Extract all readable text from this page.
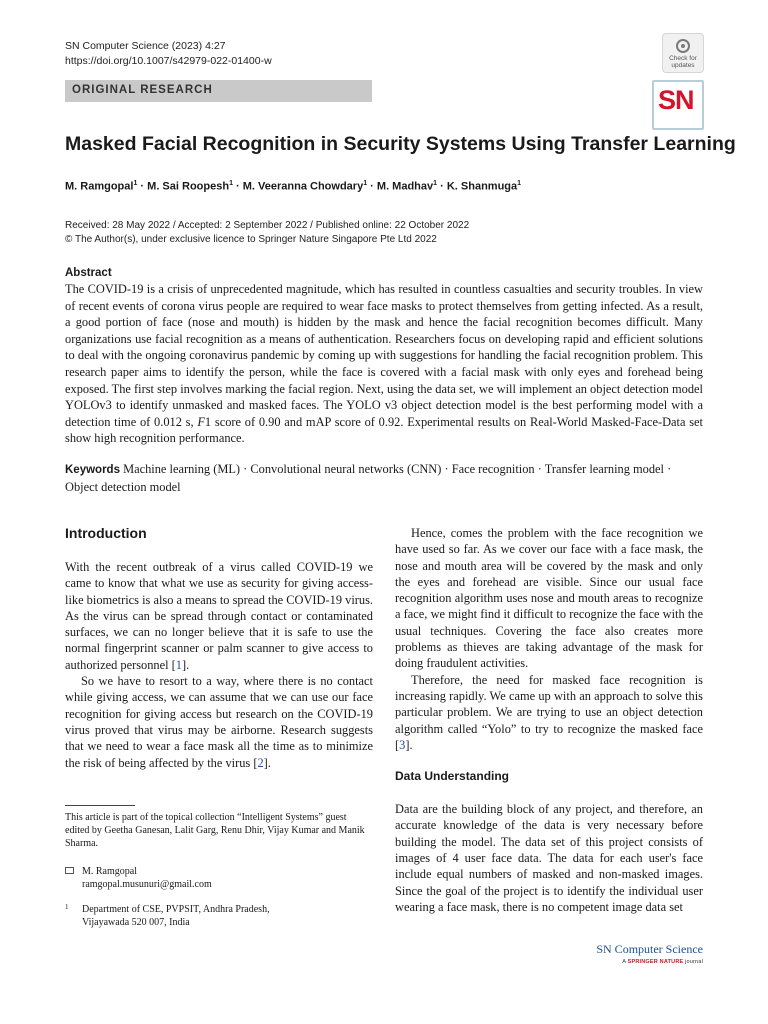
SN Computer Science (2023) 4:27
https://doi.org/10.1007/s42979-022-01400-w	Check for
updates
ORIGINAL RESEARCH	SN
Masked Facial Recognition in Security Systems Using Transfer Learning
M. Ramgopal$^1$ · M. Sai Roopesh$^1$ · M. Veeranna Chowdary$^1$ · M. Madhav$^1$ · K. Shanmuga$^1$
Received: 28 May 2022 / Accepted: 2 September 2022 / Published online: 22 October 2022
© The Author(s), under exclusive licence to Springer Nature Singapore Pte Ltd 2022
Abstract
The COVID-19 is a crisis of unprecedented magnitude, which has resulted in countless casualties and security troubles. In view of recent events of corona virus people are required to wear face masks to protect themselves from getting infected. As a result, a good portion of face (nose and mouth) is hidden by the mask and hence the facial recognition becomes difficult. Many organizations use facial recognition as a means of authentication. Researchers focus on developing rapid and efficient solutions to deal with the ongoing coronavirus pandemic by coming up with suggestions for handling the facial recognition problem. This research paper aims to identify the person, while the face is covered with a facial mask with only eyes and forehead being exposed. The first step involves marking the facial region. Next, using the data set, we will implement an object detection model YOLOv3 to identify unmasked and masked faces. The YOLO v3 object detection model is the best performing model with a detection time of 0.012 s, F1 score of 0.90 and mAP score of 0.92. Experimental results on Real-World Masked-Face-Data set show high recognition performance.
Keywords Machine learning (ML) · Convolutional neural networks (CNN) · Face recognition · Transfer learning model · Object detection model
Introduction

With the recent outbreak of a virus called COVID-19 we came to know that what we use as security for giving access-like biometrics is also a means to spread the COVID-19 virus. As the virus can be spread through contact or contaminated surfaces, we can no longer believe that it is safe to use the normal fingerprint scanner or palm scanner to give access to authorized personnel [1].

So we have to resort to a way, where there is no contact while giving access, we can assume that we can use our face recognition for giving access but research on the COVID-19 virus proved that virus may be airborne. Research suggests that we need to wear a face mask all the time as to minimize the risk of being affected by the virus [2].

Hence, comes the problem with the face recognition we have used so far. As we cover our face with a face mask, the nose and mouth area will be covered by the mask and only the eyes and forehead are visible. Since our usual face recognition algorithm uses nose and mouth areas to recognize a face, we might find it difficult to recognize the face with the usual techniques. Covering the face also creates more problems as thieves are taking advantage of the mask for doing fraudulent activities.

Therefore, the need for masked face recognition is increasing rapidly. We came up with an approach to solve this particular problem. We are trying to use an object detection algorithm called “Yolo” to try to recognize the masked face [3].

Data Understanding

Data are the building block of any project, and therefore, an accurate knowledge of the data is very necessary before building the model. The data set of this project consists of images of 4 user face data. The data for each user's face include equal numbers of masked and non-masked images. Since the goal of the project is to identify the individual user wearing a face mask, there is no competent image data set

This article is part of the topical collection “Intelligent Systems” guest edited by Geetha Ganesan, Lalit Garg, Renu Dhir, Vijay Kumar and Manik Sharma.
M. Ramgopal
ramgopal.musunuri@gmail.com
1 Department of CSE, PVPSIT, Andhra Pradesh,
Vijayawada 520 007, India
SN Computer Science
A SPRINGER NATURE journal
